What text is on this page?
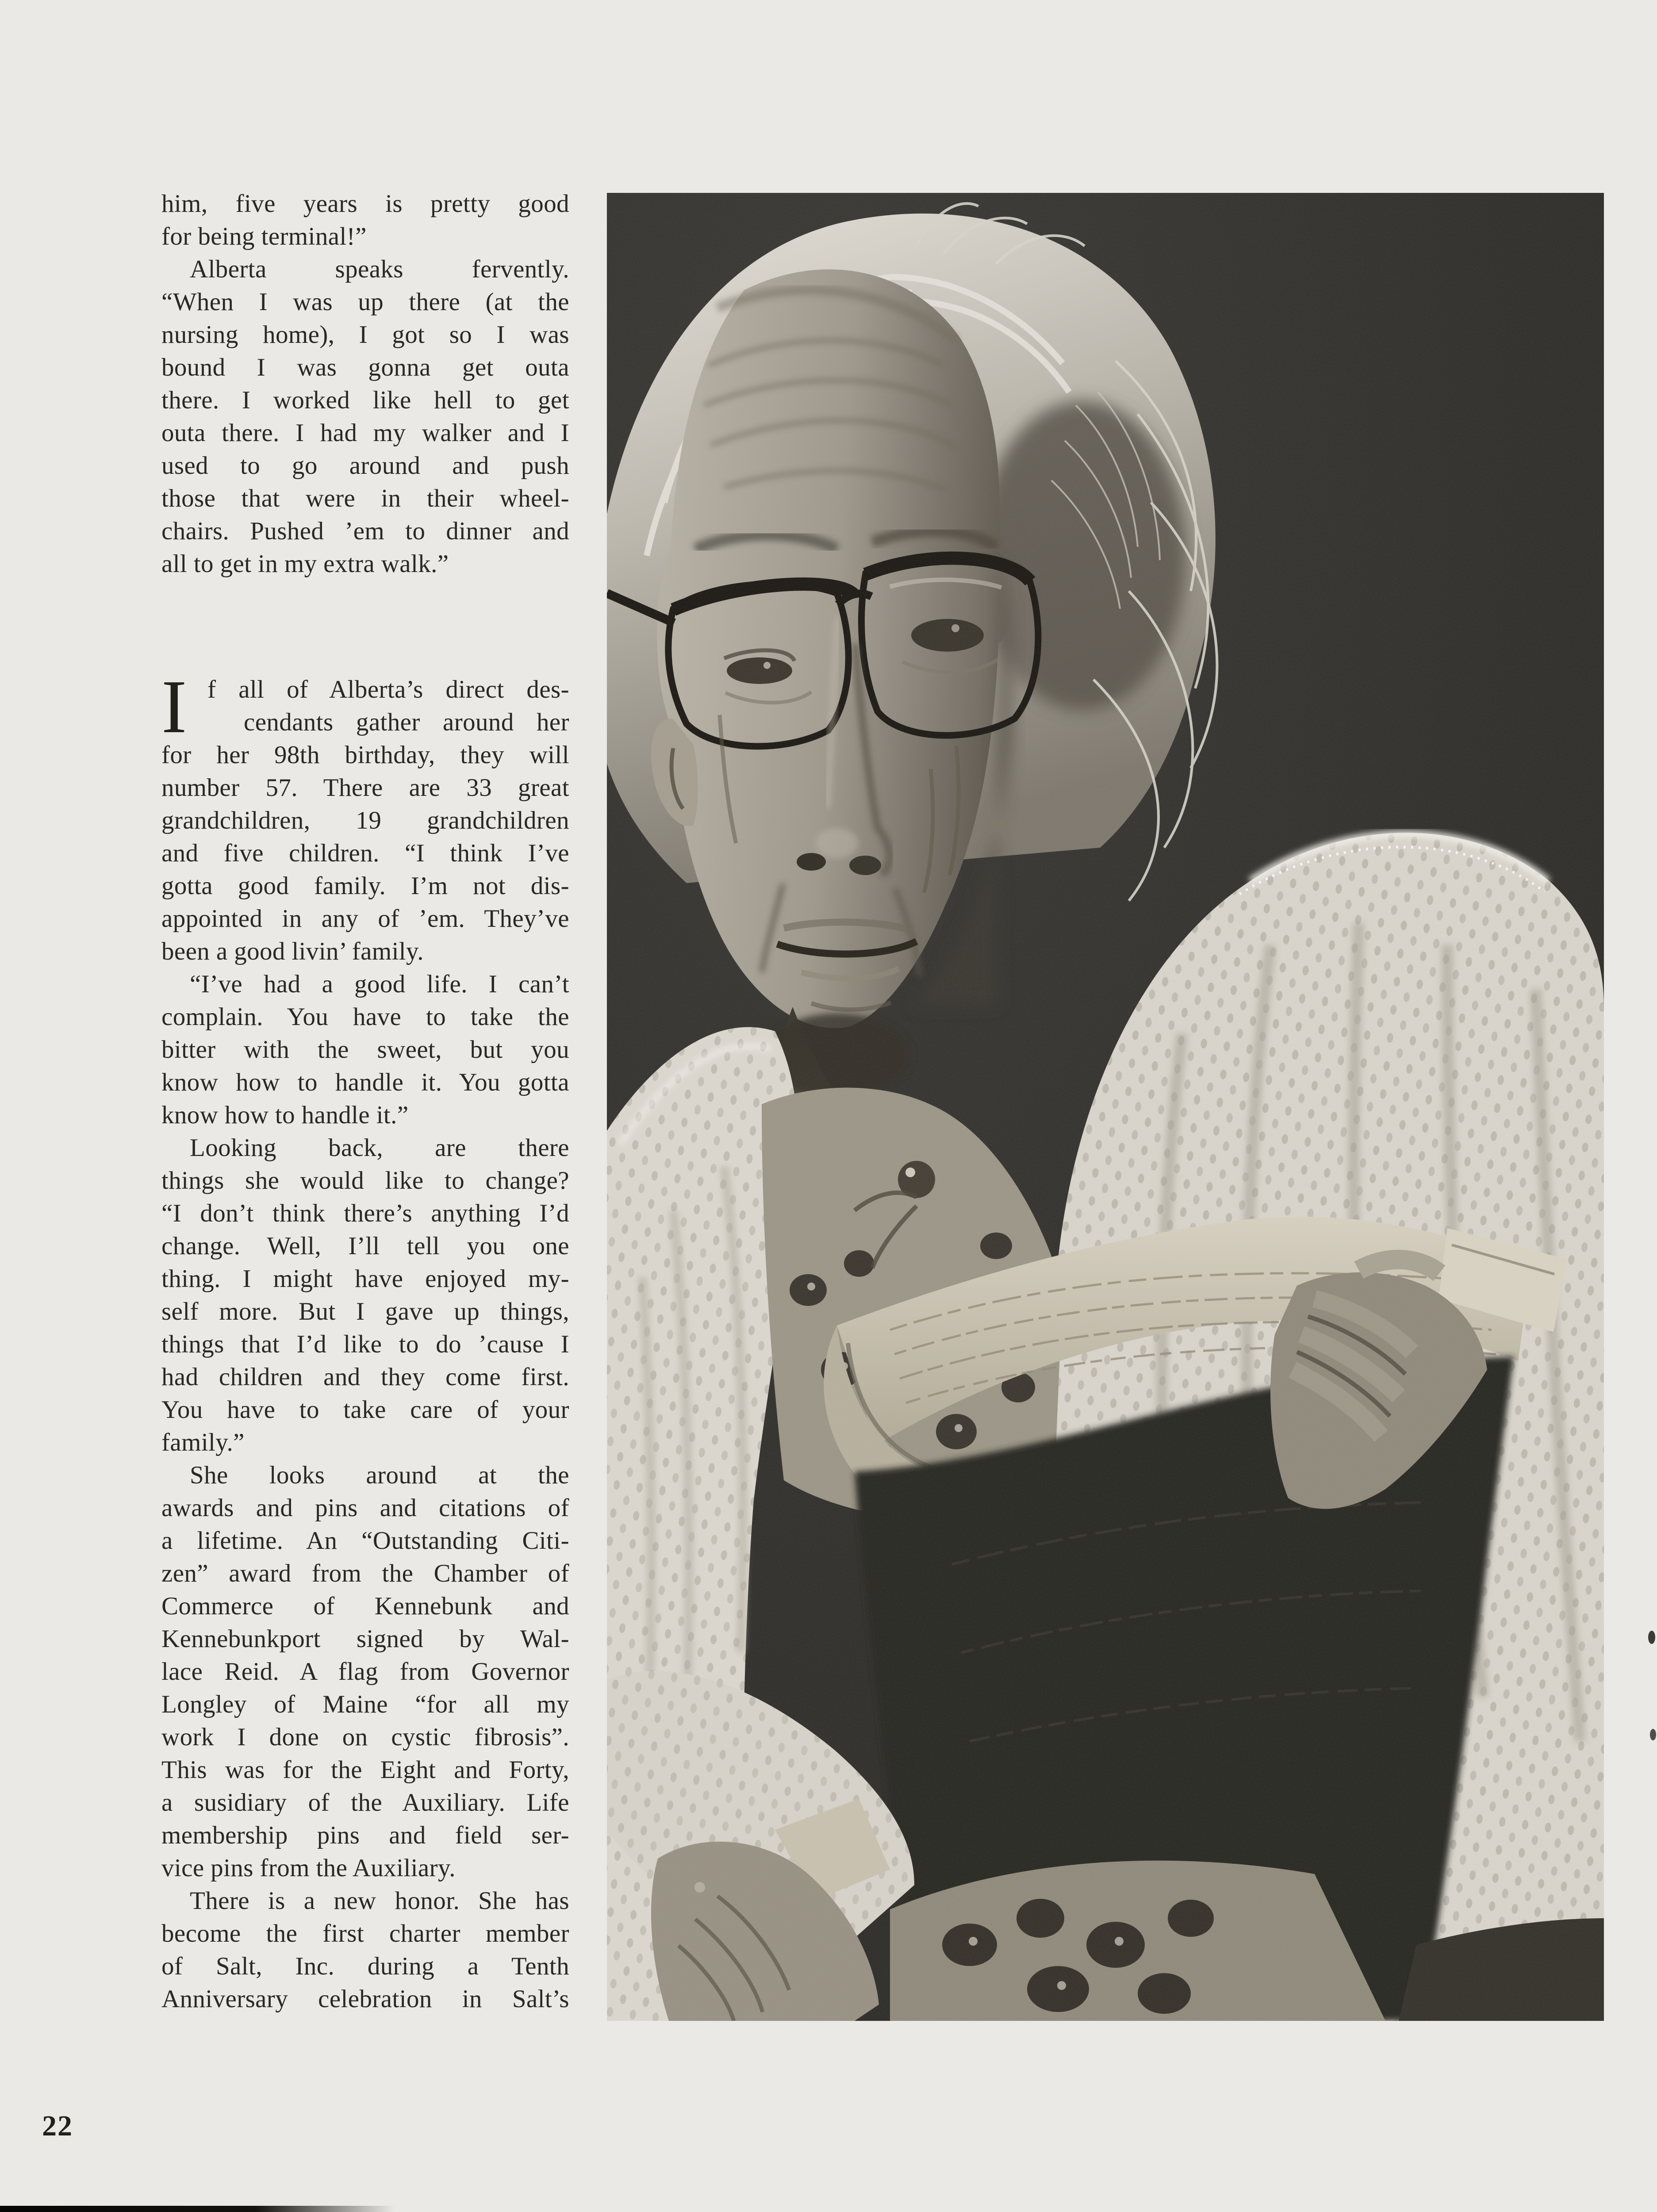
him, five years is pretty good
for being terminal!”
Alberta speaks fervently.
“When I was up there (at the
nursing home), I got so I was
bound I was gonna get outa
there. I worked like hell to get
outa there. I had my walker and I
used to go around and push
those that were in their wheel-
chairs. Pushed ’em to dinner and
all to get in my extra walk.”
I f all of Alberta’s direct des-
cendants gather around her
for her 98th birthday, they will
number 57. There are 33 great
grandchildren, 19 grandchildren
and five children. “I think I’ve
gotta good family. I’m not dis-
appointed in any of ’em. They’ve
been a good livin’ family.
“I’ve had a good life. I can’t
complain. You have to take the
bitter with the sweet, but you
know how to handle it. You gotta
know how to handle it.”
Looking back, are there
things she would like to change?
“I don’t think there’s anything I’d
change. Well, I’ll tell you one
thing. I might have enjoyed my-
self more. But I gave up things,
things that I’d like to do ’cause I
had children and they come first.
You have to take care of your
family.”
She looks around at the
awards and pins and citations of
a lifetime. An “Outstanding Citi-
zen” award from the Chamber of
Commerce of Kennebunk and
Kennebunkport signed by Wal-
lace Reid. A flag from Governor
Longley of Maine “for all my
work I done on cystic fibrosis”.
This was for the Eight and Forty,
a susidiary of the Auxiliary. Life
membership pins and field ser-
vice pins from the Auxiliary.
There is a new honor. She has
become the first charter member
of Salt, Inc. during a Tenth
Anniversary celebration in Salt’s
22
